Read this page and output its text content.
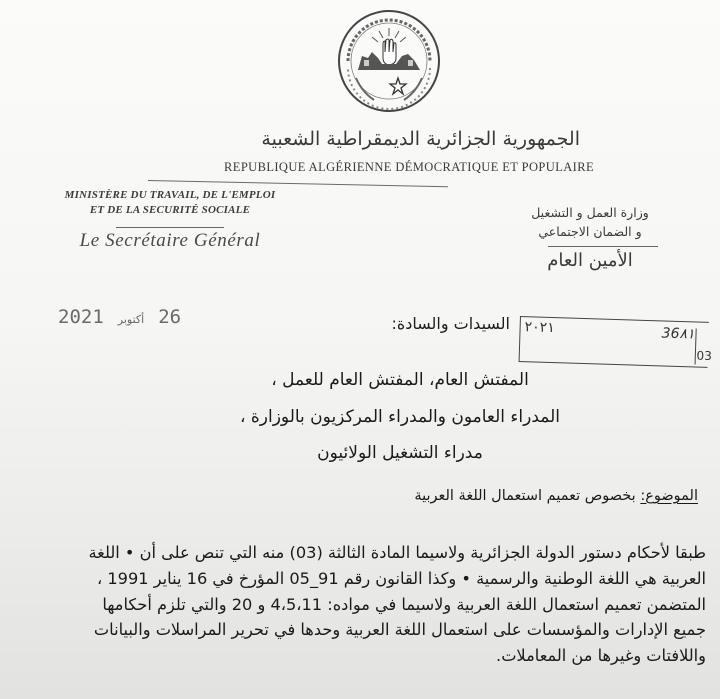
الجمهورية الجزائرية الديمقراطية الشعبية
REPUBLIQUE ALGÉRIENNE DÉMOCRATIQUE ET POPULAIRE
MINISTÈRE DU TRAVAIL, DE L'EMPLOI
ET DE LA SECURITÉ SOCIALE
Le Secrétaire Général
وزارة العمل و التشغيل
و الضمان الاجتماعي
الأمين العام
2021 أكتوبر 26	٢٠٢١	36٨١
03
السيدات والسادة:
المفتش العام، المفتش العام للعمل ،
المدراء العامون والمدراء المركزيون بالوزارة ،
مدراء التشغيل الولائيون
الموضوع: بخصوص تعميم استعمال اللغة العربية

طبقا لأحكام دستور الدولة الجزائرية ولاسيما المادة الثالثة (03) منه التي تنص على أن • اللغة

العربية هي اللغة الوطنية والرسمية • وكذا القانون رقم 91_05 المؤرخ في 16 يناير 1991 ،

المتضمن تعميم استعمال اللغة العربية ولاسيما في مواده: 4،5،11 و 20 والتي تلزم أحكامها

جميع الإدارات والمؤسسات على استعمال اللغة العربية وحدها في تحرير المراسلات والبيانات

واللافتات وغيرها من المعاملات.
